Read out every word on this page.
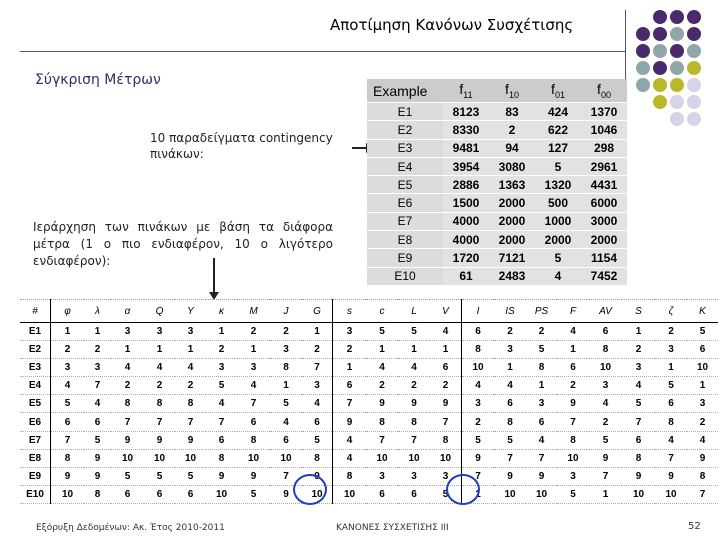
Αποτίμηση Κανόνων Συσχέτισης
Σύγκριση Μέτρων
10 παραδείγματα contingency πινάκων:
Ιεράρχηση των πινάκων με βάση τα διάφορα μέτρα (1 ο πιο ενδιαφέρον, 10 ο λιγότερο ενδιαφέρον):
Example	$f_{11}$	$f_{10}$	$f_{01}$	$f_{00}$
E1	8123	83	424	1370
E2	8330	2	622	1046
E3	9481	94	127	298
E4	3954	3080	5	2961
E5	2886	1363	1320	4431
E6	1500	2000	500	6000
E7	4000	2000	1000	3000
E8	4000	2000	2000	2000
E9	1720	7121	5	1154
E10	61	2483	4	7452
#	φ	λ	α	Q	Y	κ	M	J	G	s	c	L	V	I	IS	PS	F	AV	S	ζ	K
E1	1	1	3	3	3	1	2	2	1	3	5	5	4	6	2	2	4	6	1	2	5
E2	2	2	1	1	1	2	1	3	2	2	1	1	1	8	3	5	1	8	2	3	6
E3	3	3	4	4	4	3	3	8	7	1	4	4	6	10	1	8	6	10	3	1	10
E4	4	7	2	2	2	5	4	1	3	6	2	2	2	4	4	1	2	3	4	5	1
E5	5	4	8	8	8	4	7	5	4	7	9	9	9	3	6	3	9	4	5	6	3
E6	6	6	7	7	7	7	6	4	6	9	8	8	7	2	8	6	7	2	7	8	2
E7	7	5	9	9	9	6	8	6	5	4	7	7	8	5	5	4	8	5	6	4	4
E8	8	9	10	10	10	8	10	10	8	4	10	10	10	9	7	7	10	9	8	7	9
E9	9	9	5	5	5	9	9	7	9	8	3	3	3	7	9	9	3	7	9	9	8
E10	10	8	6	6	6	10	5	9	10	10	6	6	5	1	10	10	5	1	10	10	7
Εξόρυξη Δεδομένων: Ακ. Έτος 2010-2011	ΚΑΝΟΝΕΣ ΣΥΣΧΕΤΙΣΗΣ ΙΙΙ	52
